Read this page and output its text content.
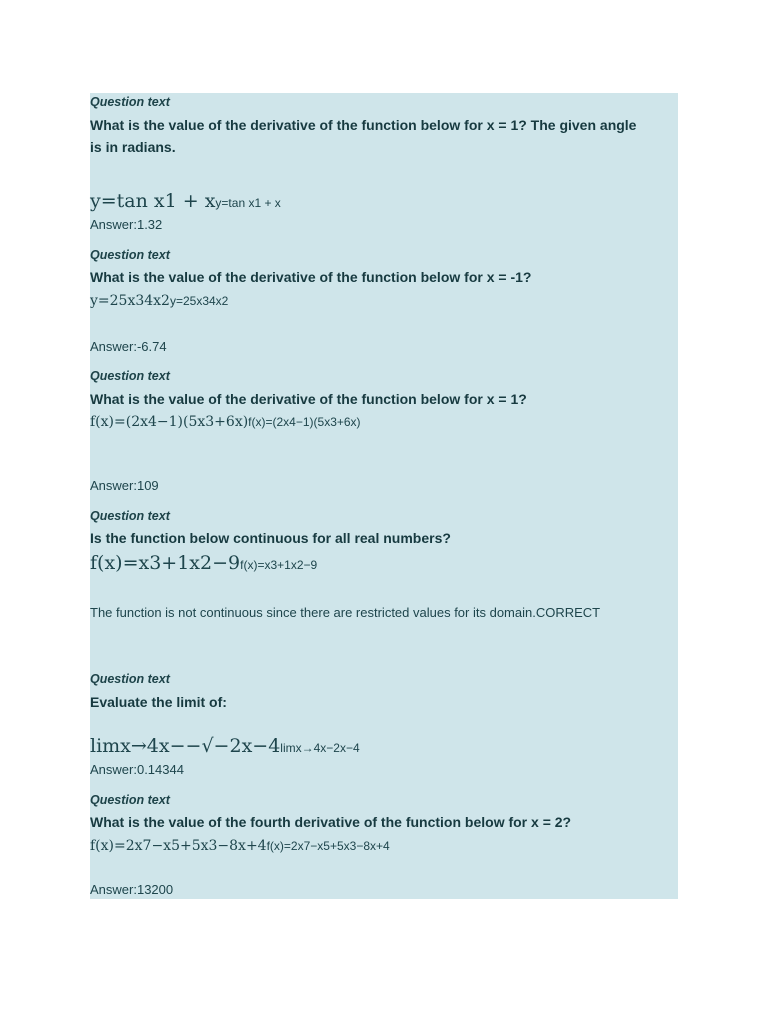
Question text
What is the value of the derivative of the function below for x = 1? The given angle is in radians.
y=tan x1 + xy=tan x1 + x
Answer:1.32
Question text
What is the value of the derivative of the function below for x = -1?
y=25x34x2y=25x34x2
Answer:-6.74
Question text
What is the value of the derivative of the function below for x = 1?
f(x)=(2x4−1)(5x3+6x)f(x)=(2x4−1)(5x3+6x)
Answer:109
Question text
Is the function below continuous for all real numbers?
f(x)=x3+1x2−9f(x)=x3+1x2−9
The function is not continuous since there are restricted values for its domain.CORRECT
Question text
Evaluate the limit of:
limx→4x−−√−2x−4limx→4x−2x−4
Answer:0.14344
Question text
What is the value of the fourth derivative of the function below for x = 2?
f(x)=2x7−x5+5x3−8x+4f(x)=2x7−x5+5x3−8x+4
Answer:13200
